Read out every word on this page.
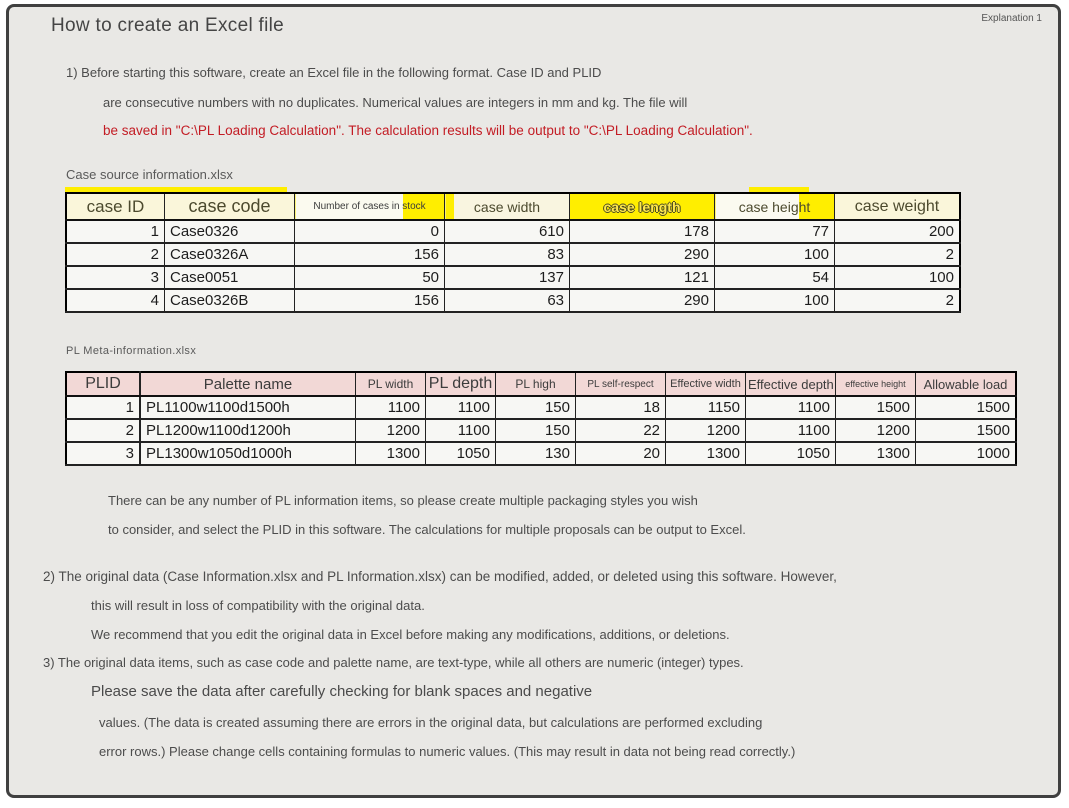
How to create an Excel file	Explanation 1
1) Before starting this software, create an Excel file in the following format. Case ID and PLID
are consecutive numbers with no duplicates. Numerical values are integers in mm and kg. The file will
be saved in "C:\PL Loading Calculation". The calculation results will be output to "C:\PL Loading Calculation".
Case source information.xlsx
case ID	case code	Number of cases in stock	case width	case length	case height	case weight
1	Case0326	0	610	178	77	200
2	Case0326A	156	83	290	100	2
3	Case0051	50	137	121	54	100
4	Case0326B	156	63	290	100	2
PL Meta-information.xlsx
PLID	Palette name	PL width	PL depth	PL high	PL self-respect	Effective width	Effective depth	effective height	Allowable load
1	PL1100w1100d1500h	1100	1100	150	18	1150	1100	1500	1500
2	PL1200w1100d1200h	1200	1100	150	22	1200	1100	1200	1500
3	PL1300w1050d1000h	1300	1050	130	20	1300	1050	1300	1000
There can be any number of PL information items, so please create multiple packaging styles you wish
to consider, and select the PLID in this software. The calculations for multiple proposals can be output to Excel.
2) The original data (Case Information.xlsx and PL Information.xlsx) can be modified, added, or deleted using this software. However,
this will result in loss of compatibility with the original data.
We recommend that you edit the original data in Excel before making any modifications, additions, or deletions.
3) The original data items, such as case code and palette name, are text-type, while all others are numeric (integer) types.
Please save the data after carefully checking for blank spaces and negative
values. (The data is created assuming there are errors in the original data, but calculations are performed excluding
error rows.) Please change cells containing formulas to numeric values. (This may result in data not being read correctly.)
